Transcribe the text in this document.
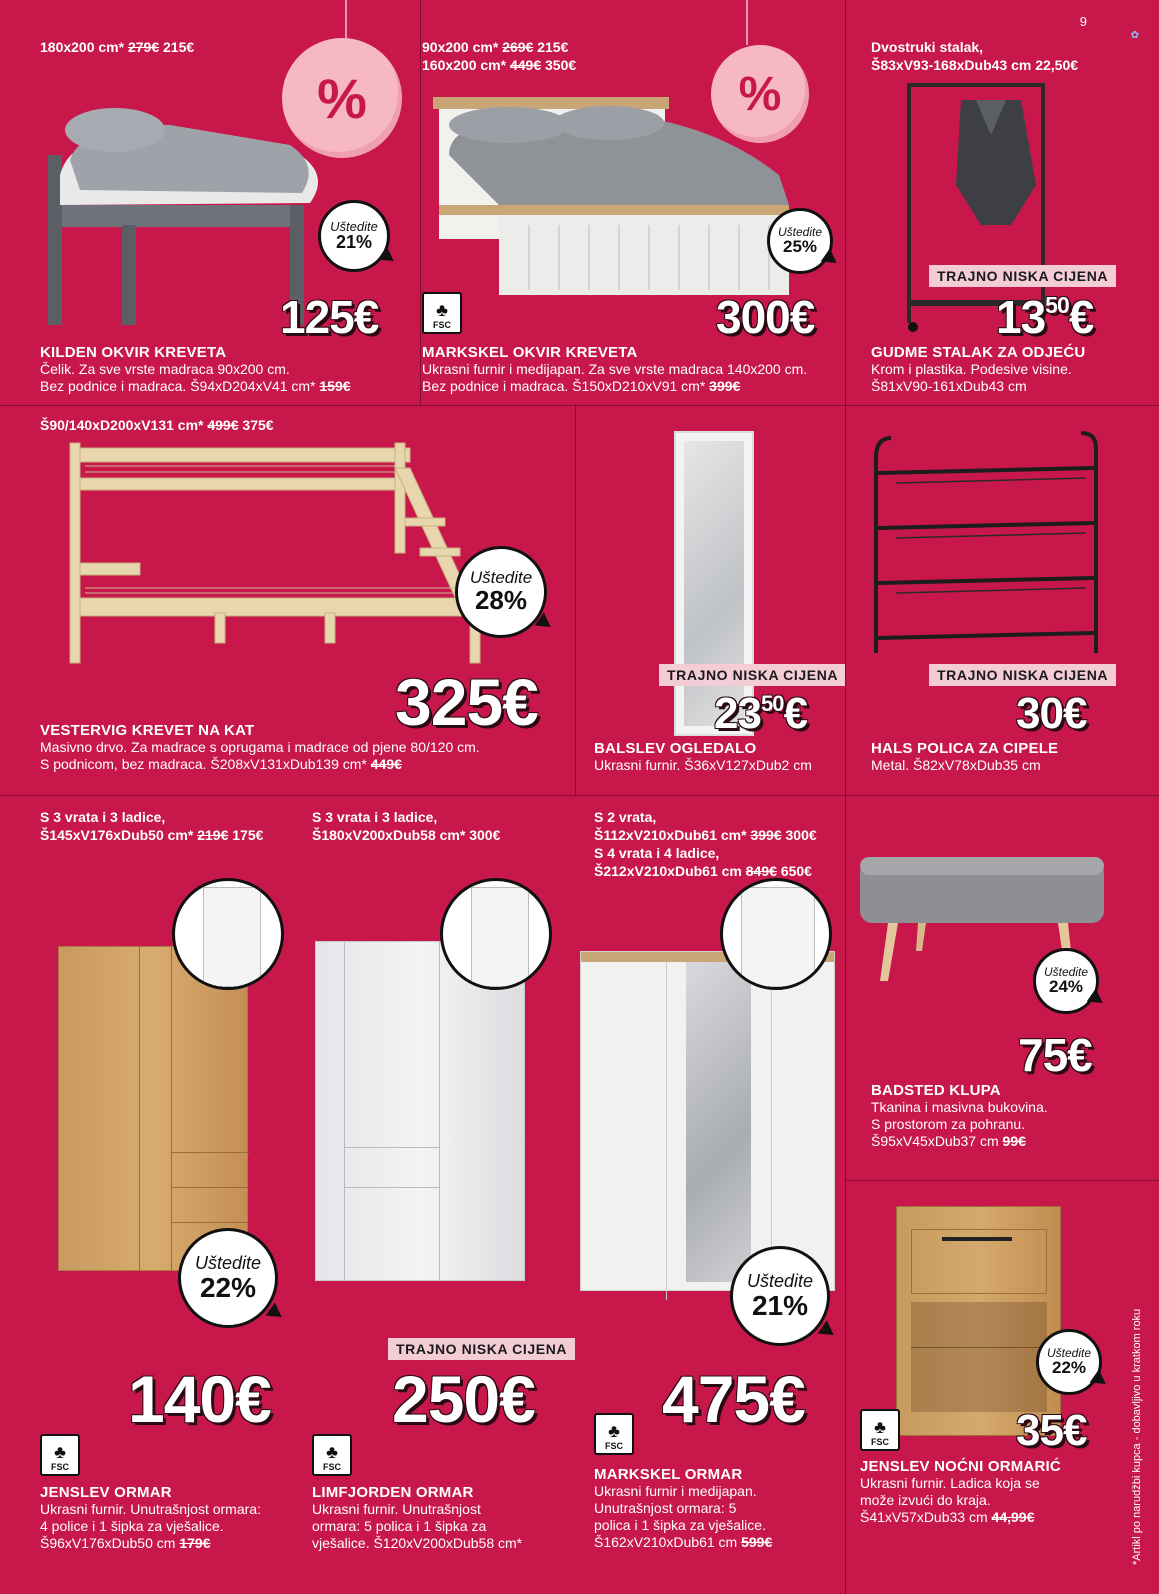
9
✿
180x200 cm* 279€ 215€
%
Uštedite
21%
125€
KILDEN OKVIR KREVETA
Čelik. Za sve vrste madraca 90x200 cm.
Bez podnice i madraca. Š94xD204xV41 cm* 159€
90x200 cm* 269€ 215€
160x200 cm* 449€ 350€
%
Uštedite
25%
♣
FSC	300€
MARKSKEL OKVIR KREVETA
Ukrasni furnir i medijapan. Za sve vrste madraca 140x200 cm.
Bez podnice i madraca. Š150xD210xV91 cm* 399€
Dvostruki stalak,
Š83xV93-168xDub43 cm 22,50€
TRAJNO NISKA CIJENA
$13^{50}€$
GUDME STALAK ZA ODJEĆU
Krom i plastika. Podesive visine.
Š81xV90-161xDub43 cm
Š90/140xD200xV131 cm* 499€ 375€
Uštedite
28%
325€
VESTERVIG KREVET NA KAT
Masivno drvo. Za madrace s oprugama i madrace od pjene 80/120 cm.
S podnicom, bez madraca. Š208xV131xDub139 cm* 449€
TRAJNO NISKA CIJENA
$23^{50}€$
BALSLEV OGLEDALO
Ukrasni furnir. Š36xV127xDub2 cm
TRAJNO NISKA CIJENA
30€
HALS POLICA ZA CIPELE
Metal. Š82xV78xDub35 cm
S 3 vrata i 3 ladice,
Š145xV176xDub50 cm* 219€ 175€
Uštedite
22%
140€
♣
FSC
JENSLEV ORMAR
Ukrasni furnir. Unutrašnjost ormara:
4 police i 1 šipka za vješalice.
Š96xV176xDub50 cm 179€
S 3 vrata i 3 ladice,
Š180xV200xDub58 cm* 300€
TRAJNO NISKA CIJENA
250€
♣
FSC
LIMFJORDEN ORMAR
Ukrasni furnir. Unutrašnjost
ormara: 5 polica i 1 šipka za
vješalice. Š120xV200xDub58 cm*
S 2 vrata,
Š112xV210xDub61 cm* 399€ 300€
S 4 vrata i 4 ladice,
Š212xV210xDub61 cm 849€ 650€
Uštedite
21%
475€
♣
FSC
MARKSKEL ORMAR
Ukrasni furnir i medijapan.
Unutrašnjost ormara: 5
polica i 1 šipka za vješalice.
Š162xV210xDub61 cm 599€
Uštedite
24%
75€
BADSTED KLUPA
Tkanina i masivna bukovina.
S prostorom za pohranu.
Š95xV45xDub37 cm 99€
Uštedite
22%
♣
FSC	35€
JENSLEV NOĆNI ORMARIĆ
Ukrasni furnir. Ladica koja se
može izvući do kraja.
Š41xV57xDub33 cm 44,99€	*Artikl po narudžbi kupca - dobavljivo u kratkom roku
